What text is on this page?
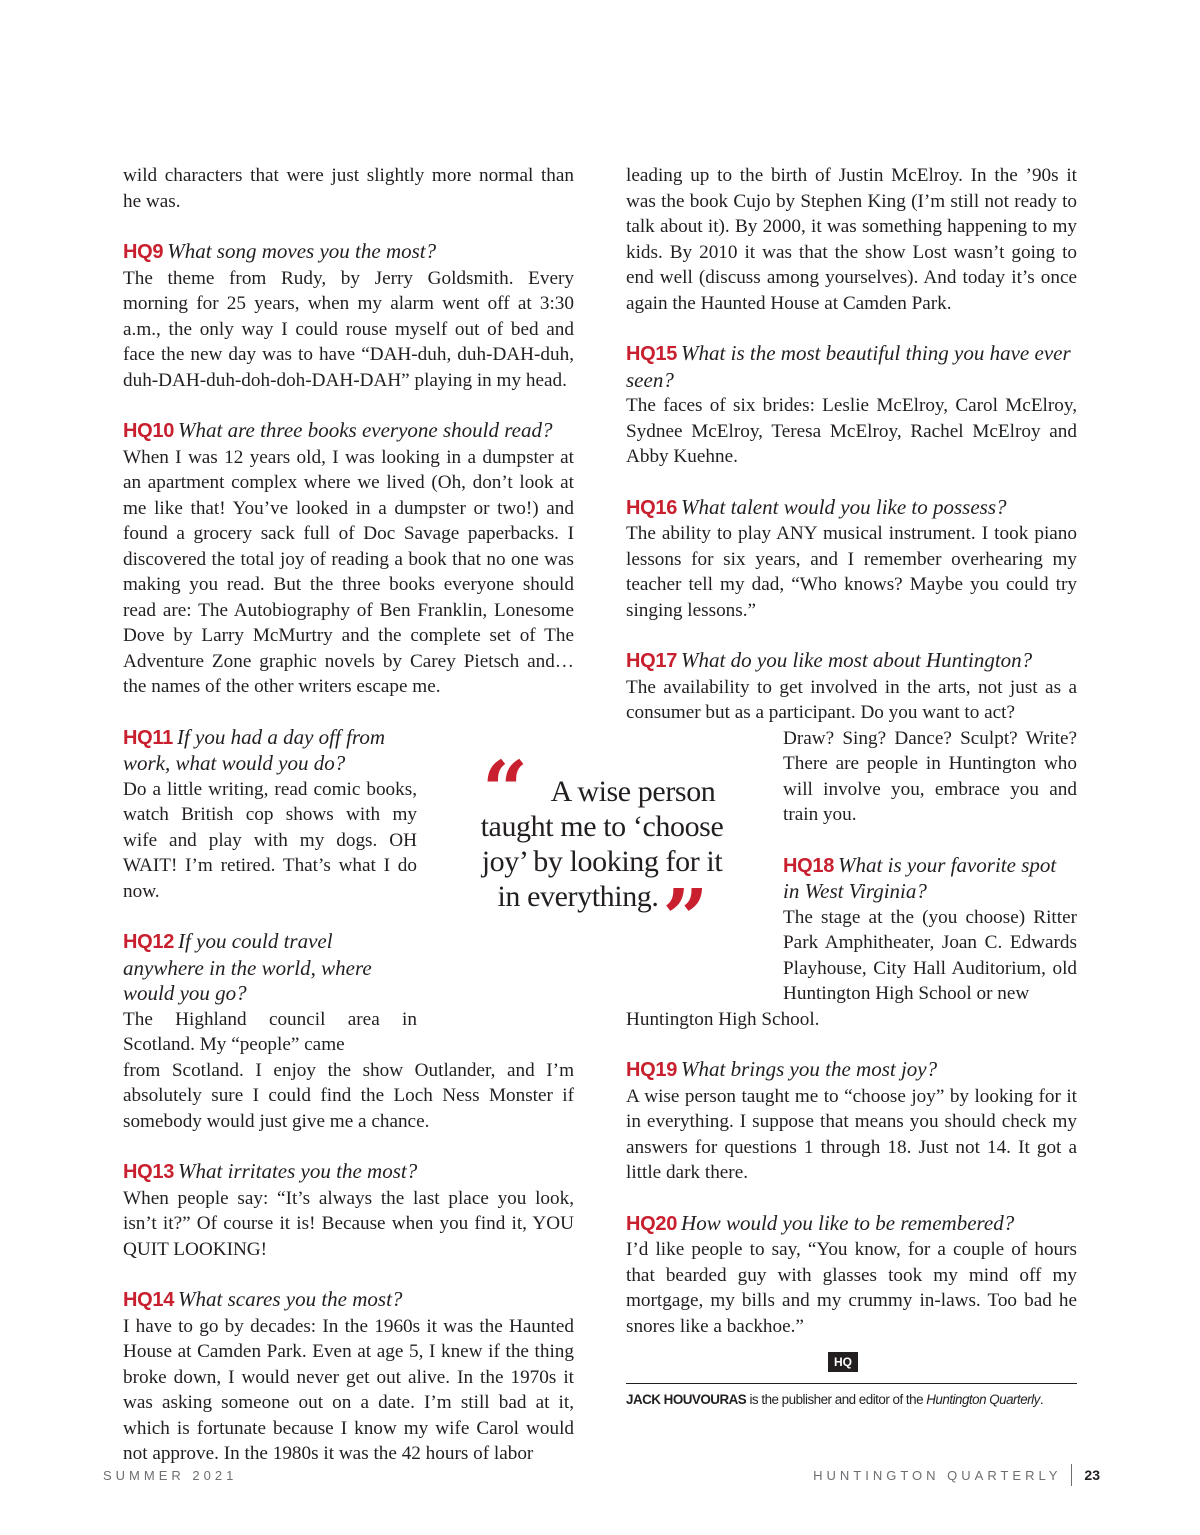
wild characters that were just slightly more normal than he was.

HQ9 What song moves you the most?
The theme from Rudy, by Jerry Goldsmith. Every morning for 25 years, when my alarm went off at 3:30 a.m., the only way I could rouse myself out of bed and face the new day was to have “DAH-duh, duh-DAH-duh, duh-DAH-duh-doh-doh-DAH-DAH” playing in my head.
HQ10 What are three books everyone should read?
When I was 12 years old, I was looking in a dumpster at an apartment complex where we lived (Oh, don’t look at me like that! You’ve looked in a dumpster or two!) and found a grocery sack full of Doc Savage paperbacks. I discovered the total joy of reading a book that no one was making you read. But the three books everyone should read are: The Autobiography of Ben Franklin, Lonesome Dove by Larry McMurtry and the complete set of The Adventure Zone graphic novels by Carey Pietsch and… the names of the other writers escape me.
HQ11 If you had a day off from work, what would you do?
Do a little writing, read comic books, watch British cop shows with my wife and play with my dogs. OH WAIT! I’m retired. That’s what I do now.
HQ12 If you could travel anywhere in the world, where would you go?
The Highland council area in Scotland. My “people” came
from Scotland. I enjoy the show Outlander, and I’m absolutely sure I could find the Loch Ness Monster if somebody would just give me a chance.
HQ13 What irritates you the most?
When people say: “It’s always the last place you look, isn’t it?” Of course it is! Because when you find it, YOU QUIT LOOKING!
HQ14 What scares you the most?
I have to go by decades: In the 1960s it was the Haunted House at Camden Park. Even at age 5, I knew if the thing broke down, I would never get out alive. In the 1970s it was asking someone out on a date. I’m still bad at it, which is fortunate because I know my wife Carol would not approve. In the 1980s it was the 42 hours of labor

leading up to the birth of Justin McElroy. In the ’90s it was the book Cujo by Stephen King (I’m still not ready to talk about it). By 2000, it was something happening to my kids. By 2010 it was that the show Lost wasn’t going to end well (discuss among yourselves). And today it’s once again the Haunted House at Camden Park.

HQ15 What is the most beautiful thing you have ever seen?
The faces of six brides: Leslie McElroy, Carol McElroy, Sydnee McElroy, Teresa McElroy, Rachel McElroy and Abby Kuehne.
HQ16 What talent would you like to possess?
The ability to play ANY musical instrument. I took piano lessons for six years, and I remember overhearing my teacher tell my dad, “Who knows? Maybe you could try singing lessons.”
HQ17 What do you like most about Huntington?
The availability to get involved in the arts, not just as a consumer but as a participant. Do you want to act?
Draw? Sing? Dance? Sculpt? Write? There are people in Huntington who will involve you, embrace you and train you.
HQ18 What is your favorite spot in West Virginia?
The stage at the (you choose) Ritter Park Amphitheater, Joan C. Edwards Playhouse, City Hall Auditorium, old Huntington High School or new
Huntington High School.
HQ19 What brings you the most joy?
A wise person taught me to “choose joy” by looking for it in everything. I suppose that means you should check my answers for questions 1 through 18. Just not 14. It got a little dark there.
HQ20 How would you like to be remembered?
I’d like people to say, “You know, for a couple of hours that bearded guy with glasses took my mind off my mortgage, my bills and my crummy in-laws. Too bad he snores like a backhoe.”
“ A wise person
taught me to ‘choose
joy’ by looking for it
in everything. ”
HQ
JACK HOUVOURAS is the publisher and editor of the Huntington Quarterly.
SUMMER 2021	HUNTINGTON QUARTERLY 23
